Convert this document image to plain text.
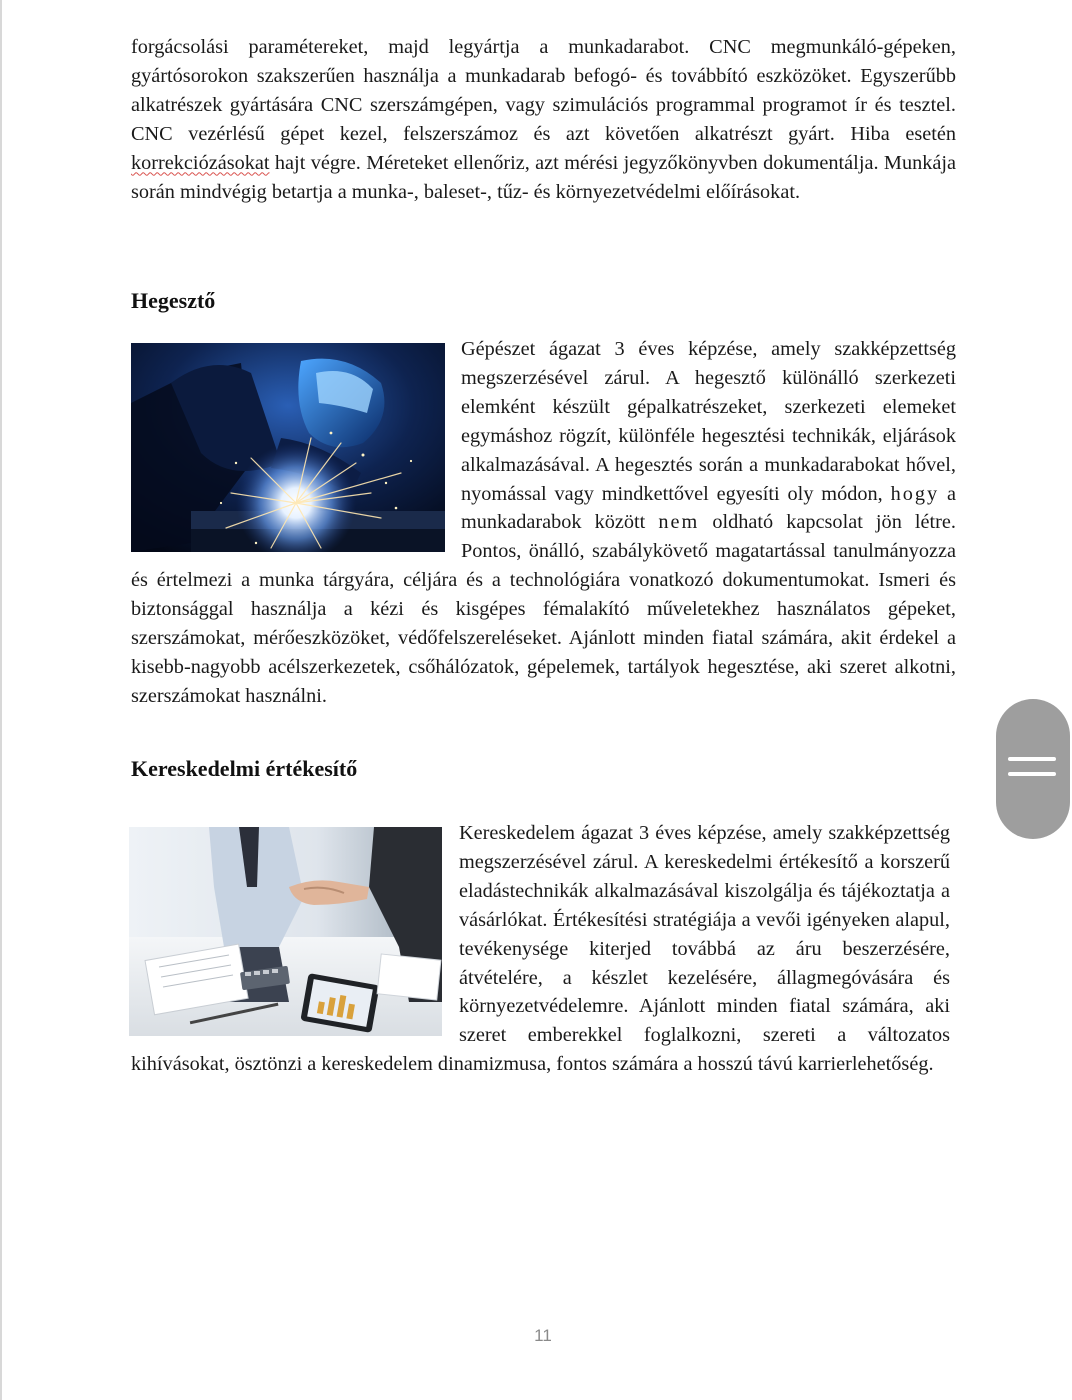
forgácsolási paramétereket, majd legyártja a munkadarabot. CNC megmunkáló-gépeken, gyártósorokon szakszerűen használja a munkadarab befogó- és továbbító eszközöket. Egyszerűbb alkatrészek gyártására CNC szerszámgépen, vagy szimulációs programmal programot ír és tesztel. CNC vezérlésű gépet kezel, felszerszámoz és azt követően alkatrészt gyárt. Hiba esetén korrekciózásokat hajt végre. Méreteket ellenőriz, azt mérési jegyzőkönyvben dokumentálja. Munkája során mindvégig betartja a munka-, baleset-, tűz- és környezetvédelmi előírásokat.

Hegesztő

Gépészet ágazat 3 éves képzése, amely szakképzettség megszerzésével zárul. A hegesztő különálló szerkezeti elemként készült gépalkatrészeket, szerkezeti elemeket egymáshoz rögzít, különféle hegesztési technikák, eljárások alkalmazásával. A hegesztés során a munkadarabokat hővel, nyomással vagy mindkettővel egyesíti oly módon, hogy a munkadarabok között nem oldható kapcsolat jön létre. Pontos, önálló, szabálykövető magatartással tanulmányozza és értelmezi a munka tárgyára, céljára és a technológiára vonatkozó dokumentumokat. Ismeri és biztonsággal használja a kézi és kisgépes fémalakító műveletekhez használatos gépeket, szerszámokat, mérőeszközöket, védőfelszereléseket. Ajánlott minden fiatal számára, akit érdekel a kisebb-nagyobb acélszerkezetek, csőhálózatok, gépelemek, tartályok hegesztése, aki szeret alkotni, szerszámokat használni.

Kereskedelmi értékesítő

Kereskedelem ágazat 3 éves képzése, amely szakképzettség megszerzésével zárul. A kereskedelmi értékesítő a korszerű eladástechnikák alkalmazásával kiszolgálja és tájékoztatja a vásárlókat. Értékesítési stratégiája a vevői igényeken alapul, tevékenysége kiterjed továbbá az áru beszerzésére, átvételére, a készlet kezelésére, állagmegóvására és környezetvédelemre. Ajánlott minden fiatal számára, aki szeret emberekkel foglalkozni, szereti a változatos kihívásokat, ösztönzi a kereskedelem dinamizmusa, fontos számára a hosszú távú karrierlehetőség.

11
